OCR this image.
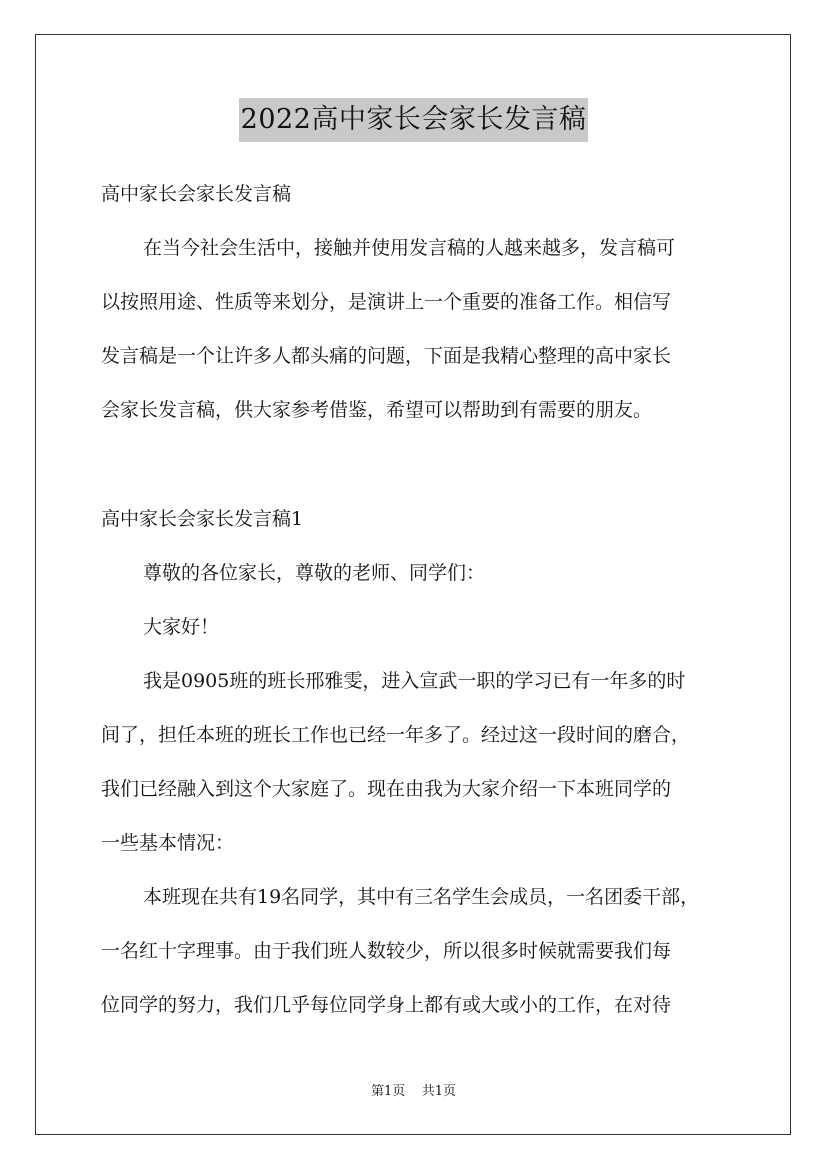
2022高中家长会家长发言稿
高中家长会家长发言稿
在当今社会生活中，接触并使用发言稿的人越来越多，发言稿可
以按照用途、性质等来划分，是演讲上一个重要的准备工作。相信写
发言稿是一个让许多人都头痛的问题，下面是我精心整理的高中家长
会家长发言稿，供大家参考借鉴，希望可以帮助到有需要的朋友。
高中家长会家长发言稿1
尊敬的各位家长，尊敬的老师、同学们：
大家好！
我是0905班的班长邢雅雯，进入宣武一职的学习已有一年多的时
间了，担任本班的班长工作也已经一年多了。经过这一段时间的磨合，
我们已经融入到这个大家庭了。现在由我为大家介绍一下本班同学的
一些基本情况：
本班现在共有19名同学，其中有三名学生会成员，一名团委干部，
一名红十字理事。由于我们班人数较少，所以很多时候就需要我们每
位同学的努力，我们几乎每位同学身上都有或大或小的工作，在对待
第1页 共1页
